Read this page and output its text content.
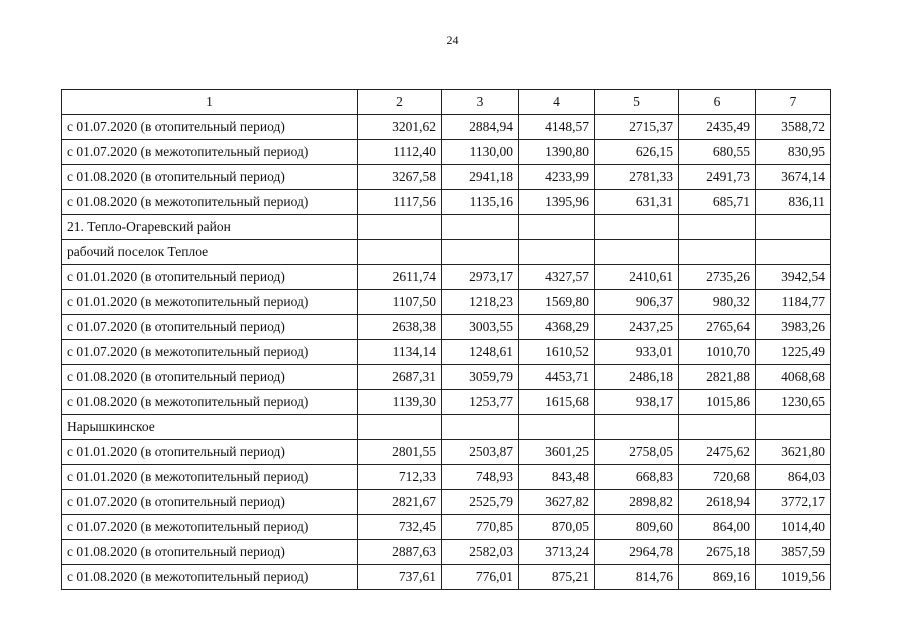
24
1	2	3	4	5	6	7
с 01.07.2020 (в отопительный период)	3201,62	2884,94	4148,57	2715,37	2435,49	3588,72
с 01.07.2020 (в межотопительный период)	1112,40	1130,00	1390,80	626,15	680,55	830,95
с 01.08.2020 (в отопительный период)	3267,58	2941,18	4233,99	2781,33	2491,73	3674,14
с 01.08.2020 (в межотопительный период)	1117,56	1135,16	1395,96	631,31	685,71	836,11
21. Тепло-Огаревский район						
рабочий поселок Теплое						
с 01.01.2020 (в отопительный период)	2611,74	2973,17	4327,57	2410,61	2735,26	3942,54
с 01.01.2020 (в межотопительный период)	1107,50	1218,23	1569,80	906,37	980,32	1184,77
с 01.07.2020 (в отопительный период)	2638,38	3003,55	4368,29	2437,25	2765,64	3983,26
с 01.07.2020 (в межотопительный период)	1134,14	1248,61	1610,52	933,01	1010,70	1225,49
с 01.08.2020 (в отопительный период)	2687,31	3059,79	4453,71	2486,18	2821,88	4068,68
с 01.08.2020 (в межотопительный период)	1139,30	1253,77	1615,68	938,17	1015,86	1230,65
Нарышкинское						
с 01.01.2020 (в отопительный период)	2801,55	2503,87	3601,25	2758,05	2475,62	3621,80
с 01.01.2020 (в межотопительный период)	712,33	748,93	843,48	668,83	720,68	864,03
с 01.07.2020 (в отопительный период)	2821,67	2525,79	3627,82	2898,82	2618,94	3772,17
с 01.07.2020 (в межотопительный период)	732,45	770,85	870,05	809,60	864,00	1014,40
с 01.08.2020 (в отопительный период)	2887,63	2582,03	3713,24	2964,78	2675,18	3857,59
с 01.08.2020 (в межотопительный период)	737,61	776,01	875,21	814,76	869,16	1019,56
